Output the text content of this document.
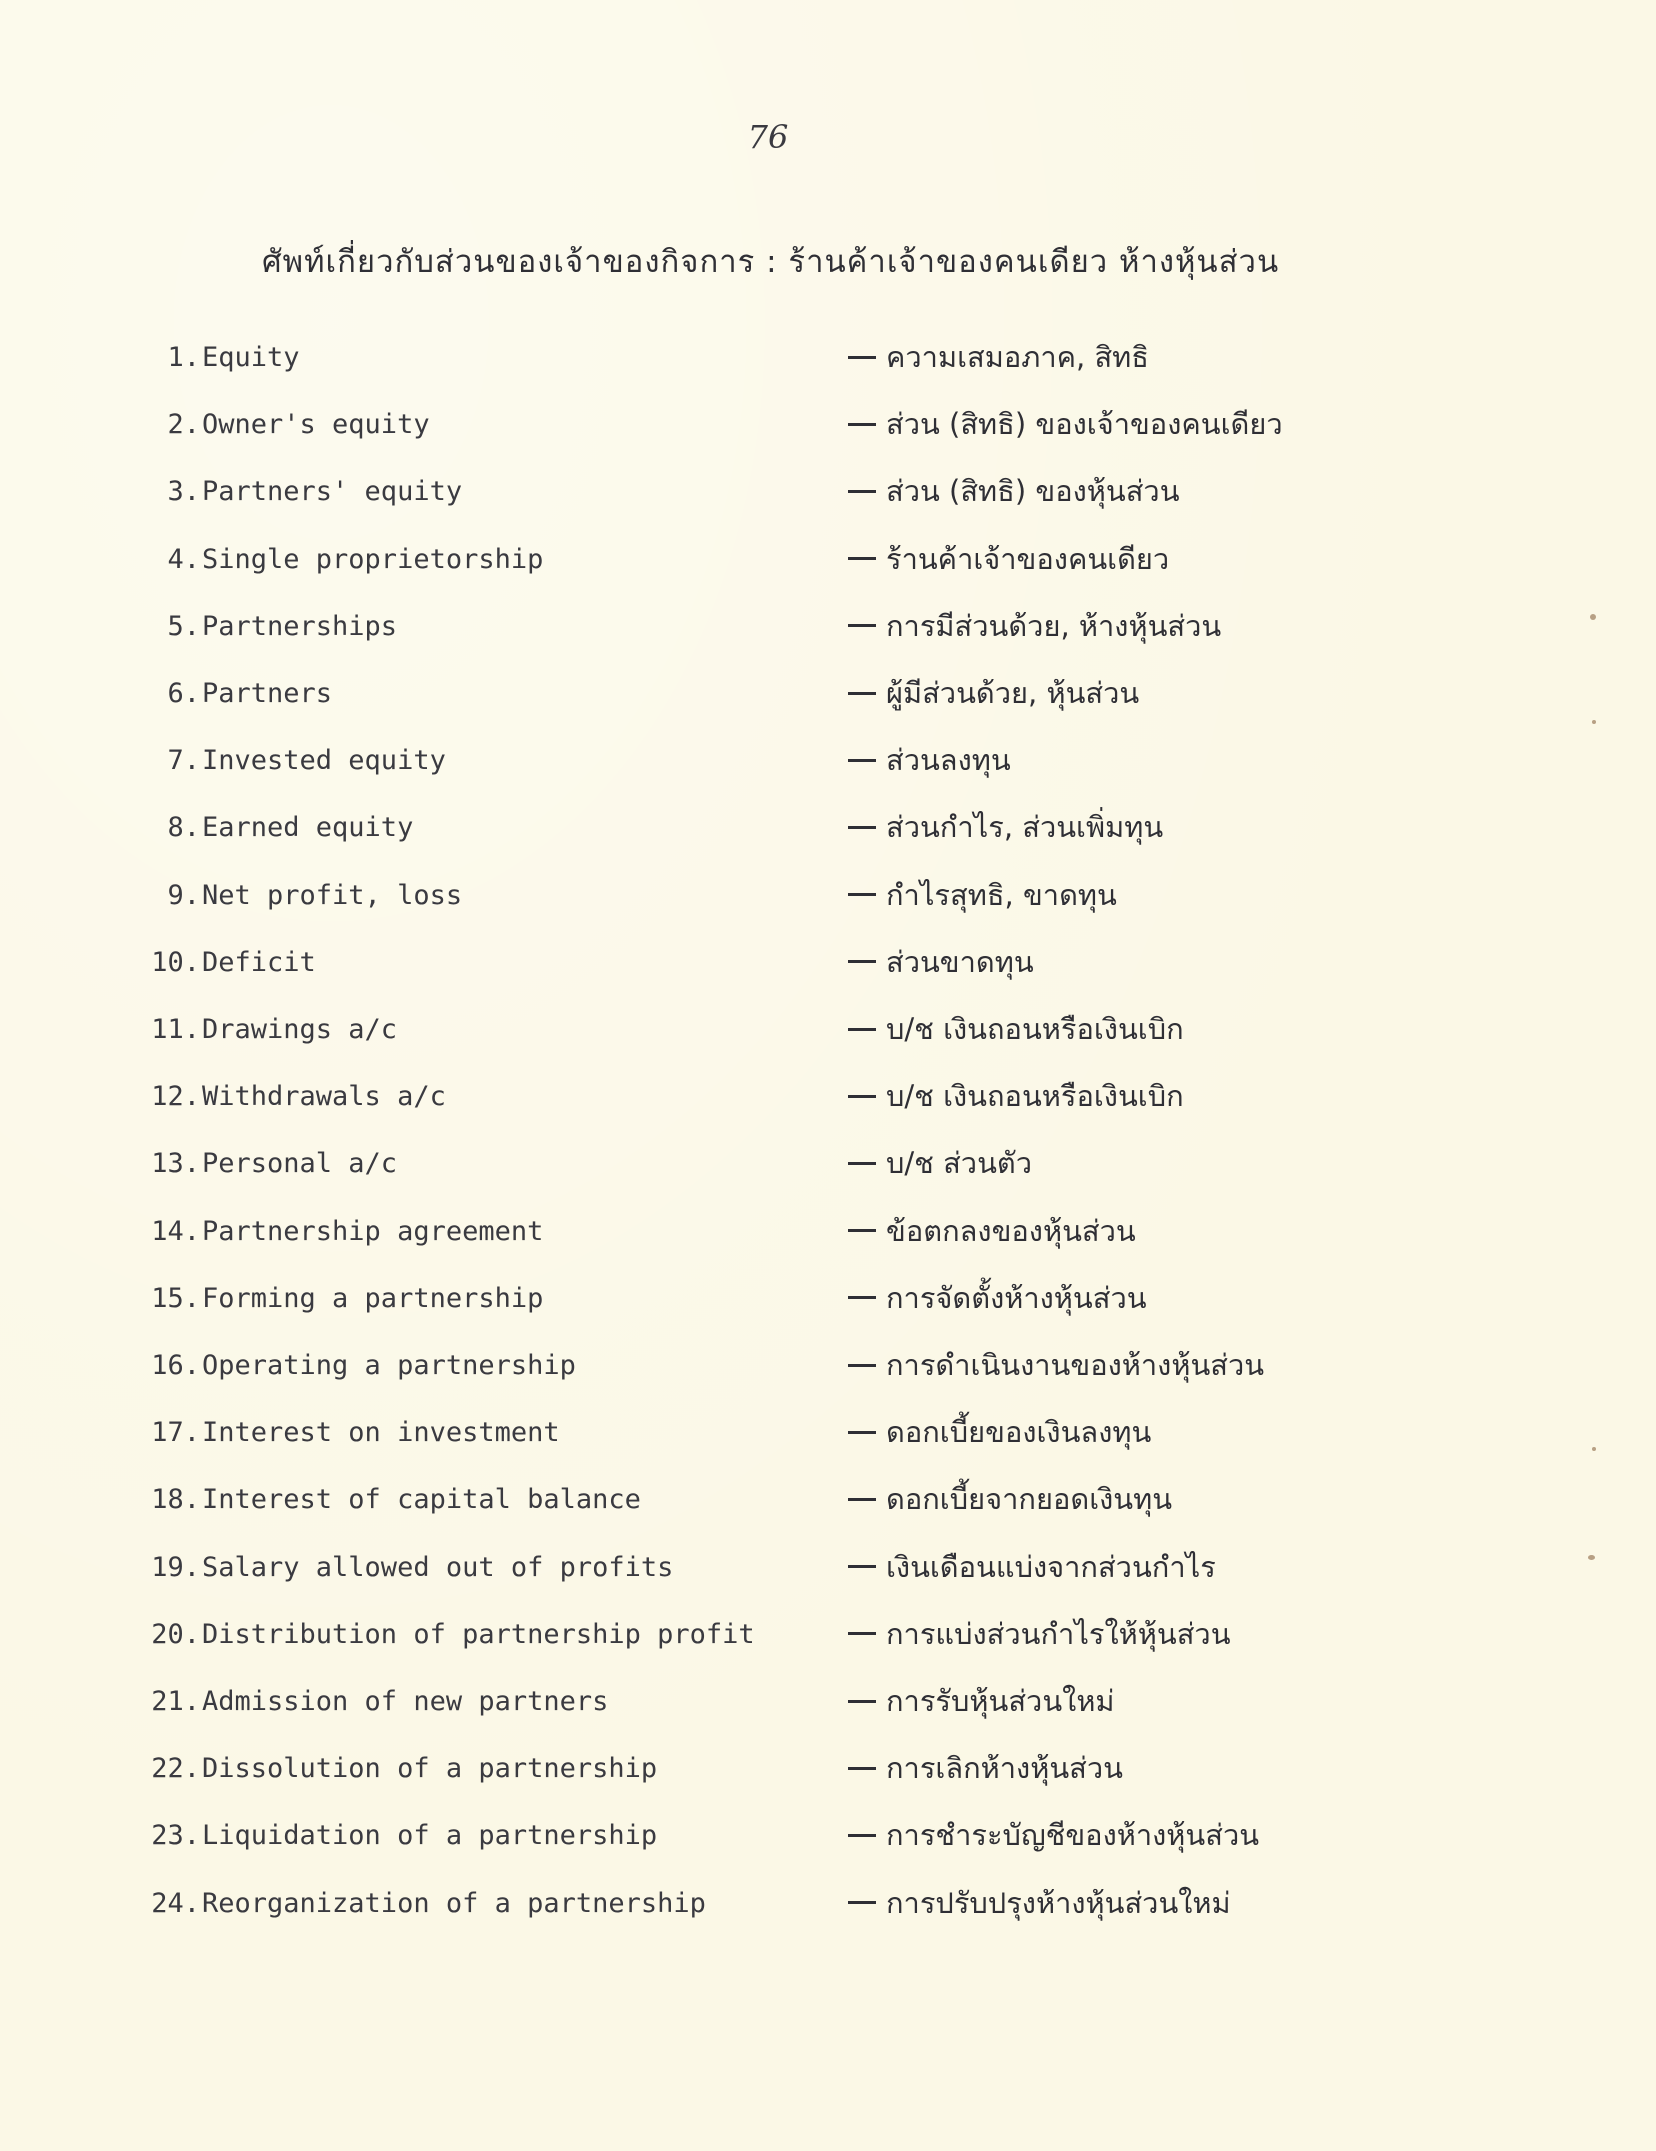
76
ศัพท์เกี่ยวกับส่วนของเจ้าของกิจการ : ร้านค้าเจ้าของคนเดียว ห้างหุ้นส่วน
1. Equity	ความเสมอภาค, สิทธิ
2. Owner's equity	ส่วน (สิทธิ) ของเจ้าของคนเดียว
3. Partners' equity	ส่วน (สิทธิ) ของหุ้นส่วน
4. Single proprietorship	ร้านค้าเจ้าของคนเดียว
5. Partnerships	การมีส่วนด้วย, ห้างหุ้นส่วน
6. Partners	ผู้มีส่วนด้วย, หุ้นส่วน
7. Invested equity	ส่วนลงทุน
8. Earned equity	ส่วนกำไร, ส่วนเพิ่มทุน
9. Net profit, loss	กำไรสุทธิ, ขาดทุน
10. Deficit	ส่วนขาดทุน
11. Drawings a/c	บ/ช เงินถอนหรือเงินเบิก
12. Withdrawals a/c	บ/ช เงินถอนหรือเงินเบิก
13. Personal a/c	บ/ช ส่วนตัว
14. Partnership agreement	ข้อตกลงของหุ้นส่วน
15. Forming a partnership	การจัดตั้งห้างหุ้นส่วน
16. Operating a partnership	การดำเนินงานของห้างหุ้นส่วน
17. Interest on investment	ดอกเบี้ยของเงินลงทุน
18. Interest of capital balance	ดอกเบี้ยจากยอดเงินทุน
19. Salary allowed out of profits	เงินเดือนแบ่งจากส่วนกำไร
20. Distribution of partnership profit	การแบ่งส่วนกำไรให้หุ้นส่วน
21. Admission of new partners	การรับหุ้นส่วนใหม่
22. Dissolution of a partnership	การเลิกห้างหุ้นส่วน
23. Liquidation of a partnership	การชำระบัญชีของห้างหุ้นส่วน
24. Reorganization of a partnership	การปรับปรุงห้างหุ้นส่วนใหม่
